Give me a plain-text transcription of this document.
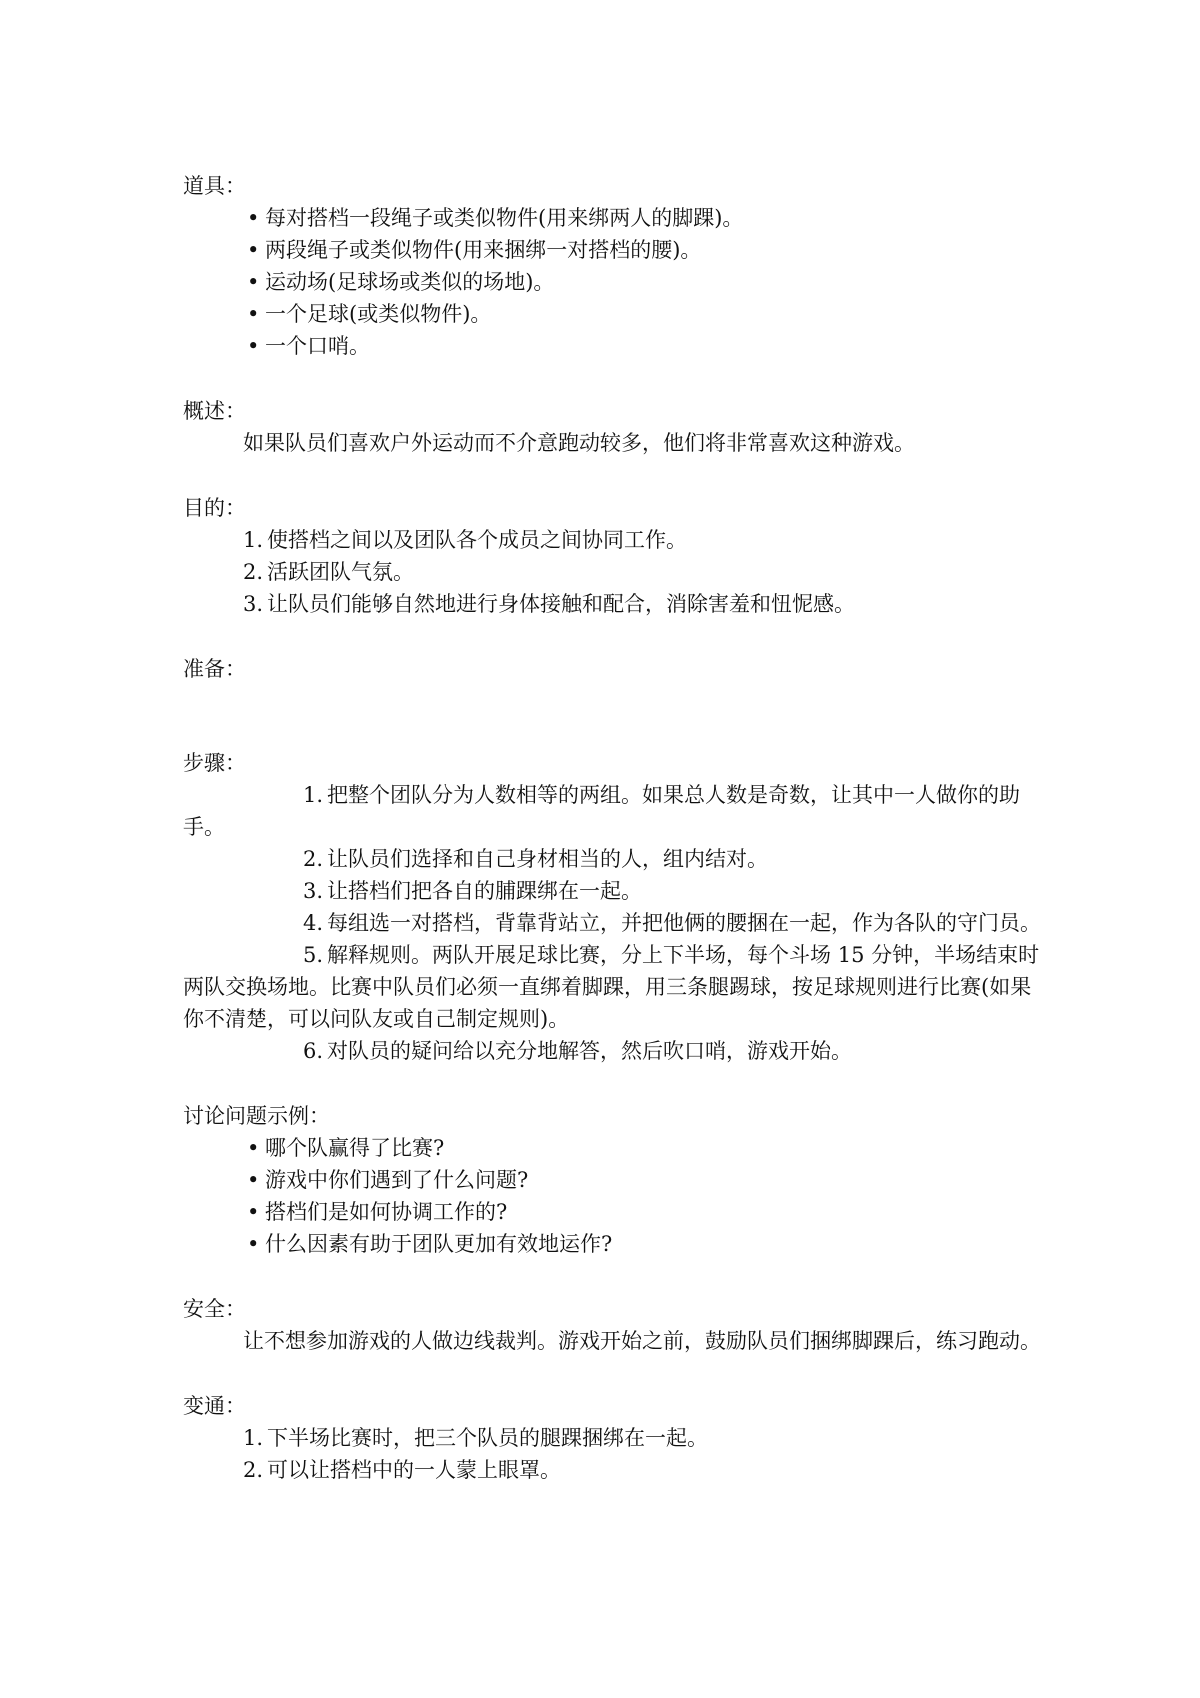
道具：

• 每对搭档一段绳子或类似物件(用来绑两人的脚踝)。
• 两段绳子或类似物件(用来捆绑一对搭档的腰)。
• 运动场(足球场或类似的场地)。
• 一个足球(或类似物件)。
• 一个口哨。

概述：

如果队员们喜欢户外运动而不介意跑动较多，他们将非常喜欢这种游戏。

目的：

1. 使搭档之间以及团队各个成员之间协同工作。
2. 活跃团队气氛。
3. 让队员们能够自然地进行身体接触和配合，消除害羞和忸怩感。

准备：

步骤：

1. 把整个团队分为人数相等的两组。如果总人数是奇数，让其中一人做你的助手。

2. 让队员们选择和自己身材相当的人，组内结对。

3. 让搭档们把各自的脯踝绑在一起。

4. 每组选一对搭档，背靠背站立，并把他俩的腰捆在一起，作为各队的守门员。

5. 解释规则。两队开展足球比赛，分上下半场，每个斗场 15 分钟，半场结束时两队交换场地。比赛中队员们必须一直绑着脚踝，用三条腿踢球，按足球规则进行比赛(如果你不清楚，可以问队友或自己制定规则)。

6. 对队员的疑问给以充分地解答，然后吹口哨，游戏开始。

讨论问题示例：

• 哪个队赢得了比赛?
• 游戏中你们遇到了什么问题?
• 搭档们是如何协调工作的?
• 什么因素有助于团队更加有效地运作?

安全：

让不想参加游戏的人做边线裁判。游戏开始之前，鼓励队员们捆绑脚踝后，练习跑动。

变通：

1. 下半场比赛时，把三个队员的腿踝捆绑在一起。
2. 可以让搭档中的一人蒙上眼罩。
